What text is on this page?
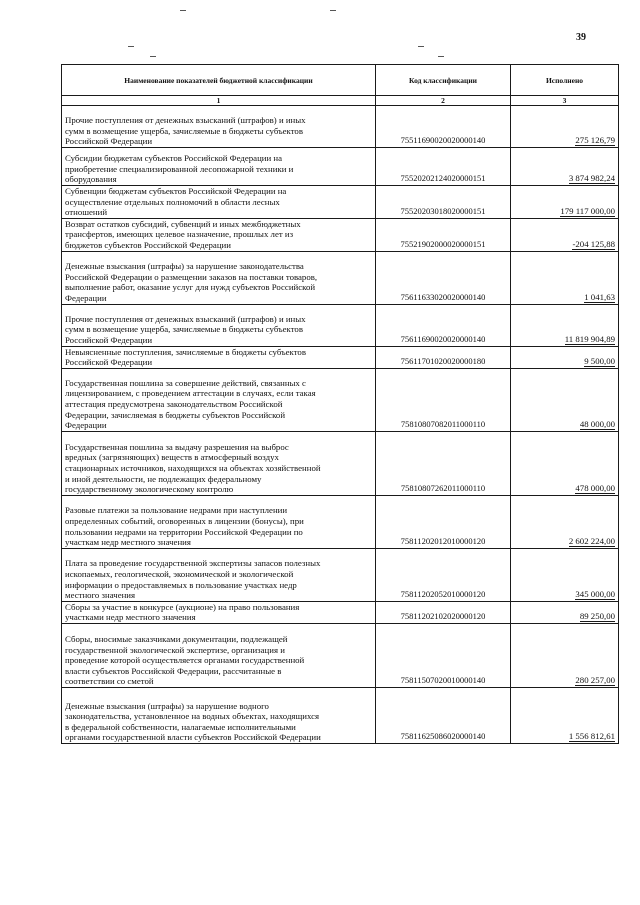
39
Наименование показателей бюджетной классификации	Код классификации	Исполнено
1	2	3
Прочие поступления от денежных взысканий (штрафов) и иных
сумм в возмещение ущерба, зачисляемые в бюджеты субъектов
Российской Федерации	75511690020020000140	275 126,79
Субсидии бюджетам субъектов Российской Федерации на
приобретение специализированной лесопожарной техники и
оборудования	75520202124020000151	3 874 982,24
Субвенции бюджетам субъектов Российской Федерации на
осуществление отдельных полномочий в области лесных
отношений	75520203018020000151	179 117 000,00
Возврат остатков субсидий, субвенций и иных межбюджетных
трансфертов, имеющих целевое назначение, прошлых лет из
бюджетов субъектов Российской Федерации	75521902000020000151	-204 125,88
Денежные взыскания (штрафы) за нарушение законодательства
Российской Федерации о размещении заказов на поставки товаров,
выполнение работ, оказание услуг для нужд субъектов Российской
Федерации	75611633020020000140	1 041,63
Прочие поступления от денежных взысканий (штрафов) и иных
сумм в возмещение ущерба, зачисляемые в бюджеты субъектов
Российской Федерации	75611690020020000140	11 819 904,89
Невыясненные поступления, зачисляемые в бюджеты субъектов
Российской Федерации	75611701020020000180	9 500,00
Государственная пошлина за совершение действий, связанных с
лицензированием, с проведением аттестации в случаях, если такая
аттестация предусмотрена законодательством Российской
Федерации, зачисляемая в бюджеты субъектов Российской
Федерации	75810807082011000110	48 000,00
Государственная пошлина за выдачу разрешения на выброс
вредных (загрязняющих) веществ в атмосферный воздух
стационарных источников, находящихся на объектах хозяйственной
и иной деятельности, не подлежащих федеральному
государственному экологическому контролю	75810807262011000110	478 000,00
Разовые платежи за пользование недрами при наступлении
определенных событий, оговоренных в лицензии (бонусы), при
пользовании недрами на территории Российской Федерации по
участкам недр местного значения	75811202012010000120	2 602 224,00
Плата за проведение государственной экспертизы запасов полезных
ископаемых, геологической, экономической и экологической
информации о предоставляемых в пользование участках недр
местного значения	75811202052010000120	345 000,00
Сборы за участие в конкурсе (аукционе) на право пользования
участками недр местного значения	75811202102020000120	89 250,00
Сборы, вносимые заказчиками документации, подлежащей
государственной экологической экспертизе, организация и
проведение которой осуществляется органами государственной
власти субъектов Российской Федерации, рассчитанные в
соответствии со сметой	75811507020010000140	280 257,00
Денежные взыскания (штрафы) за нарушение водного
законодательства, установленное на водных объектах, находящихся
в федеральной собственности, налагаемые исполнительными
органами государственной власти субъектов Российской Федерации	75811625086020000140	1 556 812,61
